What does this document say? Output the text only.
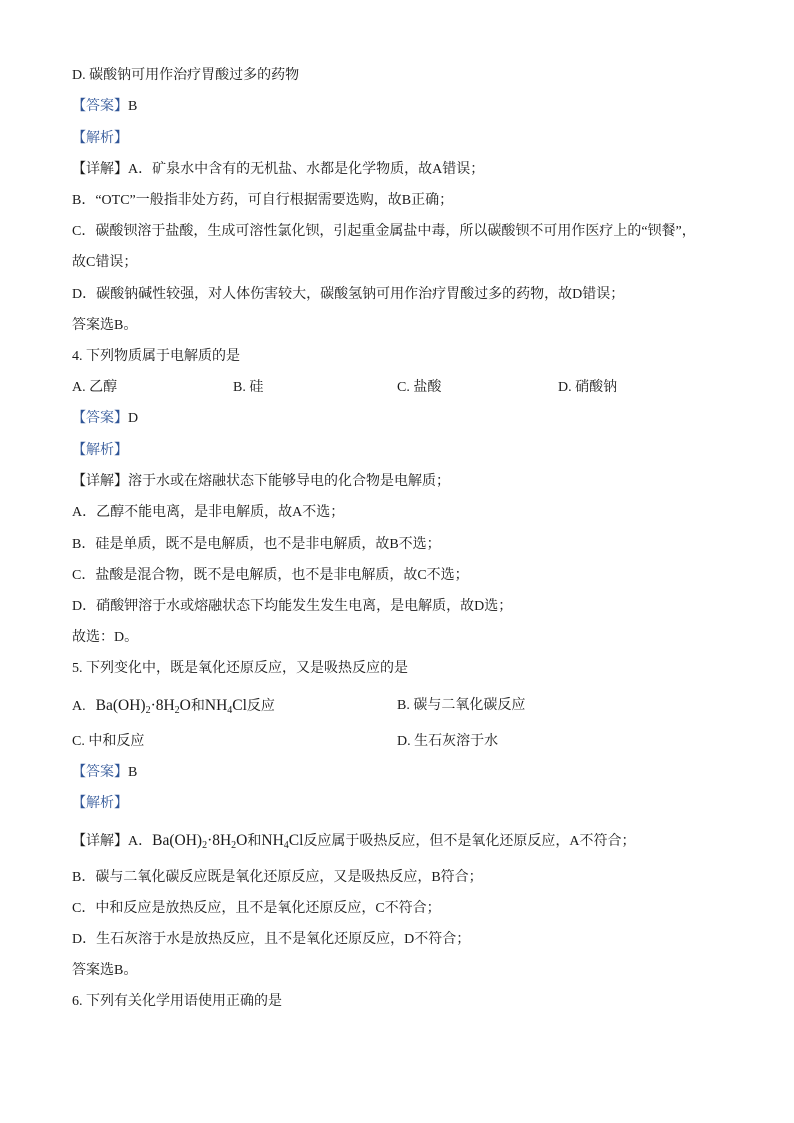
D. 碳酸钠可用作治疗胃酸过多的药物
【答案】B
【解析】
【详解】A．矿泉水中含有的无机盐、水都是化学物质，故A错误；
B．“OTC”一般指非处方药，可自行根据需要选购，故B正确；
C．碳酸钡溶于盐酸，生成可溶性氯化钡，引起重金属盐中毒，所以碳酸钡不可用作医疗上的“钡餐”，
故C错误；
D．碳酸钠碱性较强，对人体伤害较大，碳酸氢钠可用作治疗胃酸过多的药物，故D错误；
答案选B。
4. 下列物质属于电解质的是
A. 乙醇	B. 硅	C. 盐酸	D. 硝酸钠
【答案】D
【解析】
【详解】溶于水或在熔融状态下能够导电的化合物是电解质；
A．乙醇不能电离，是非电解质，故A不选；
B．硅是单质，既不是电解质，也不是非电解质，故B不选；
C．盐酸是混合物，既不是电解质，也不是非电解质，故C不选；
D．硝酸钾溶于水或熔融状态下均能发生发生电离，是电解质，故D选；
故选：D。
5. 下列变化中，既是氧化还原反应，又是吸热反应的是
A. $Ba(OH)_2\cdot 8H_2O$和$NH_4Cl$反应	B. 碳与二氧化碳反应
C. 中和反应	D. 生石灰溶于水
【答案】B
【解析】
【详解】A．$Ba(OH)_2\cdot 8H_2O$和$NH_4Cl$反应属于吸热反应，但不是氧化还原反应，A不符合；
B．碳与二氧化碳反应既是氧化还原反应，又是吸热反应，B符合；
C．中和反应是放热反应，且不是氧化还原反应，C不符合；
D．生石灰溶于水是放热反应，且不是氧化还原反应，D不符合；
答案选B。
6. 下列有关化学用语使用正确的是
